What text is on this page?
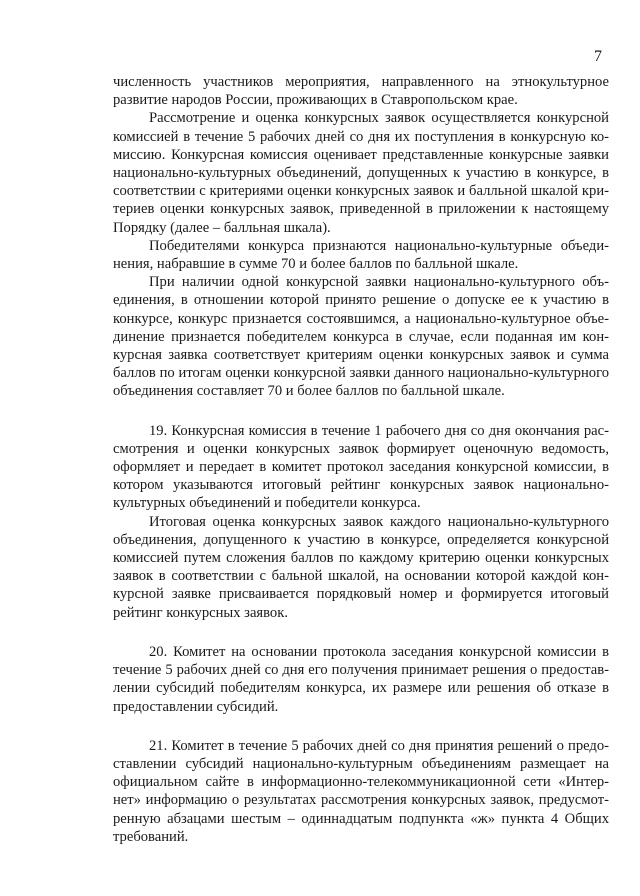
7

численность участников мероприятия, направленного на этнокультурное развитие народов России, проживающих в Ставропольском крае.

Рассмотрение и оценка конкурсных заявок осуществляется конкурсной комиссией в течение 5 рабочих дней со дня их поступления в конкурсную комиссию. Конкурсная комиссия оценивает представленные конкурсные заявки национально-культурных объединений, допущенных к участию в конкурсе, в соответствии с критериями оценки конкурсных заявок и балльной шкалой критериев оценки конкурсных заявок, приведенной в приложении к настоящему Порядку (далее – балльная шкала).

Победителями конкурса признаются национально-культурные объединения, набравшие в сумме 70 и более баллов по балльной шкале.

При наличии одной конкурсной заявки национально-культурного объединения, в отношении которой принято решение о допуске ее к участию в конкурсе, конкурс признается состоявшимся, а национально-культурное объединение признается победителем конкурса в случае, если поданная им конкурсная заявка соответствует критериям оценки конкурсных заявок и сумма баллов по итогам оценки конкурсной заявки данного национально-культурного объединения составляет 70 и более баллов по балльной шкале.

19. Конкурсная комиссия в течение 1 рабочего дня со дня окончания рассмотрения и оценки конкурсных заявок формирует оценочную ведомость, оформляет и передает в комитет протокол заседания конкурсной комиссии, в котором указываются итоговый рейтинг конкурсных заявок национально-культурных объединений и победители конкурса.

Итоговая оценка конкурсных заявок каждого национально-культурного объединения, допущенного к участию в конкурсе, определяется конкурсной комиссией путем сложения баллов по каждому критерию оценки конкурсных заявок в соответствии с бальной шкалой, на основании которой каждой конкурсной заявке присваивается порядковый номер и формируется итоговый рейтинг конкурсных заявок.

20. Комитет на основании протокола заседания конкурсной комиссии в течение 5 рабочих дней со дня его получения принимает решения о предоставлении субсидий победителям конкурса, их размере или решения об отказе в предоставлении субсидий.

21. Комитет в течение 5 рабочих дней со дня принятия решений о предоставлении субсидий национально-культурным объединениям размещает на официальном сайте в информационно-телекоммуникационной сети «Интернет» информацию о результатах рассмотрения конкурсных заявок, предусмотренную абзацами шестым – одиннадцатым подпункта «ж» пункта 4 Общих требований.
